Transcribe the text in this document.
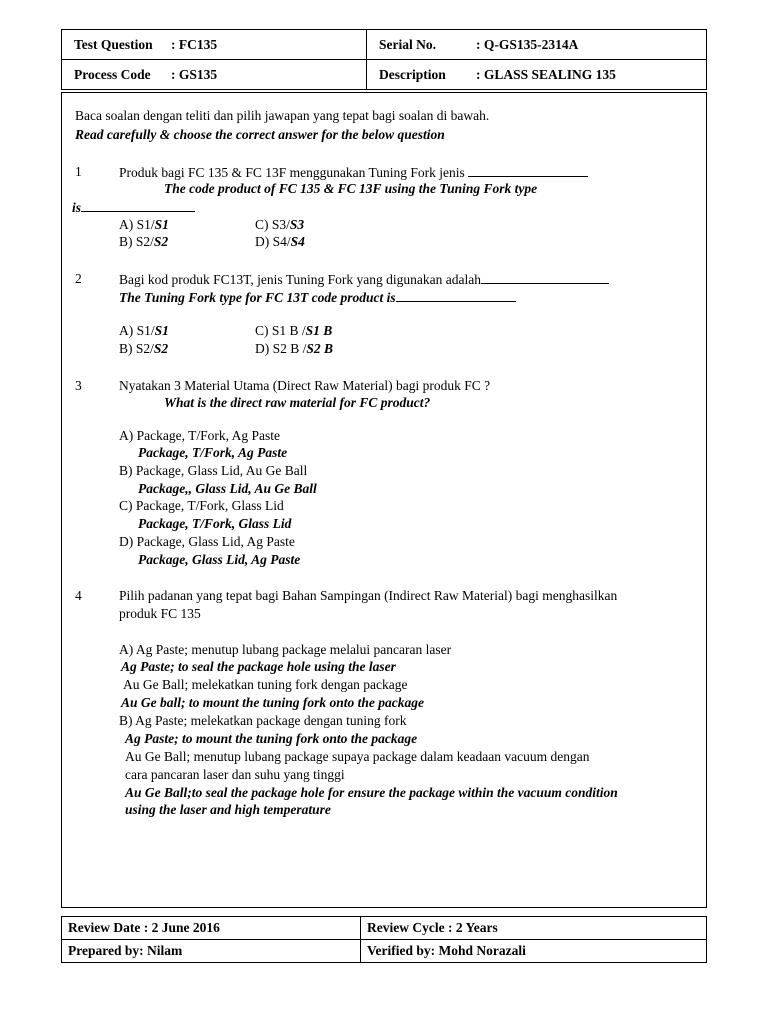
Test Question : FC135	Serial No. : Q-GS135-2314A
Process Code : GS135	Description : GLASS SEALING 135
Baca soalan dengan teliti dan pilih jawapan yang tepat bagi soalan di bawah.
Read carefully & choose the correct answer for the below question
1	Produk bagi FC 135 & FC 13F menggunakan Tuning Fork jenis
The code product of FC 135 & FC 13F using the Tuning Fork type
is
A) S1/S1	C) S3/S3
B) S2/S2	D) S4/S4
2	Bagi kod produk FC13T, jenis Tuning Fork yang digunakan adalah
The Tuning Fork type for FC 13T code product is
A) S1/S1	C) S1 B /S1 B
B) S2/S2	D) S2 B /S2 B
3	Nyatakan 3 Material Utama (Direct Raw Material) bagi produk FC ?
What is the direct raw material for FC product?
A) Package, T/Fork, Ag Paste
Package, T/Fork, Ag Paste
B) Package, Glass Lid, Au Ge Ball
Package,, Glass Lid, Au Ge Ball
C) Package, T/Fork, Glass Lid
Package, T/Fork, Glass Lid
D) Package, Glass Lid, Ag Paste
Package, Glass Lid, Ag Paste
4	Pilih padanan yang tepat bagi Bahan Sampingan (Indirect Raw Material) bagi menghasilkan
produk FC 135
A) Ag Paste; menutup lubang package melalui pancaran laser
Ag Paste; to seal the package hole using the laser
Au Ge Ball; melekatkan tuning fork dengan package
Au Ge ball; to mount the tuning fork onto the package
B) Ag Paste; melekatkan package dengan tuning fork
Ag Paste; to mount the tuning fork onto the package
Au Ge Ball; menutup lubang package supaya package dalam keadaan vacuum dengan
cara pancaran laser dan suhu yang tinggi
Au Ge Ball;to seal the package hole for ensure the package within the vacuum condition
using the laser and high temperature
Review Date : 2 June 2016	Review Cycle : 2 Years
Prepared by: Nilam	Verified by: Mohd Norazali
